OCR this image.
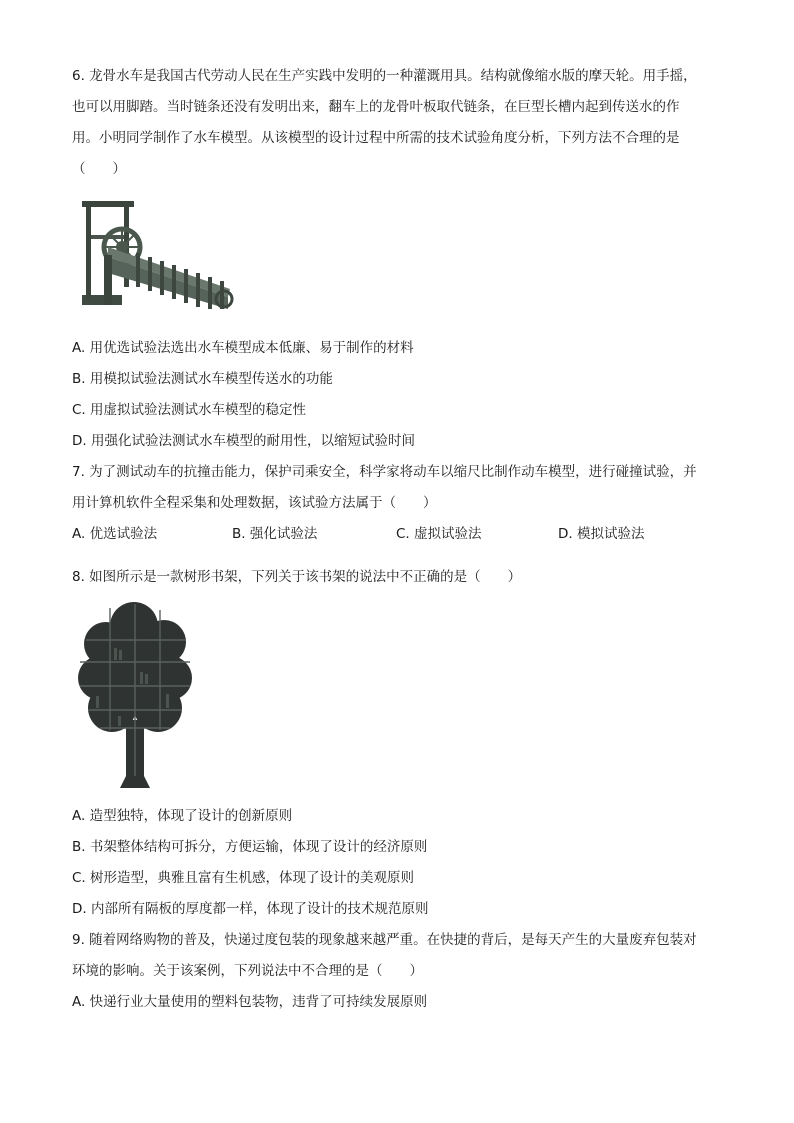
6. 龙骨水车是我国古代劳动人民在生产实践中发明的一种灌溉用具。结构就像缩水版的摩天轮。用手摇，
也可以用脚踏。当时链条还没有发明出来，翻车上的龙骨叶板取代链条，在巨型长槽内起到传送水的作
用。小明同学制作了水车模型。从该模型的设计过程中所需的技术试验角度分析，下列方法不合理的是
（　　）
A. 用优选试验法选出水车模型成本低廉、易于制作的材料
B. 用模拟试验法测试水车模型传送水的功能
C. 用虚拟试验法测试水车模型的稳定性
D. 用强化试验法测试水车模型的耐用性，以缩短试验时间
7. 为了测试动车的抗撞击能力，保护司乘安全，科学家将动车以缩尺比制作动车模型，进行碰撞试验，并
用计算机软件全程采集和处理数据，该试验方法属于（　　）
A. 优选试验法	B. 强化试验法	C. 虚拟试验法	D. 模拟试验法
8. 如图所示是一款树形书架，下列关于该书架的说法中不正确的是（　　）
A. 造型独特，体现了设计的创新原则
B. 书架整体结构可拆分，方便运输，体现了设计的经济原则
C. 树形造型，典雅且富有生机感，体现了设计的美观原则
D. 内部所有隔板的厚度都一样，体现了设计的技术规范原则
9. 随着网络购物的普及，快递过度包装的现象越来越严重。在快捷的背后，是每天产生的大量废弃包装对
环境的影响。关于该案例，下列说法中不合理的是（　　）
A. 快递行业大量使用的塑料包装物，违背了可持续发展原则
